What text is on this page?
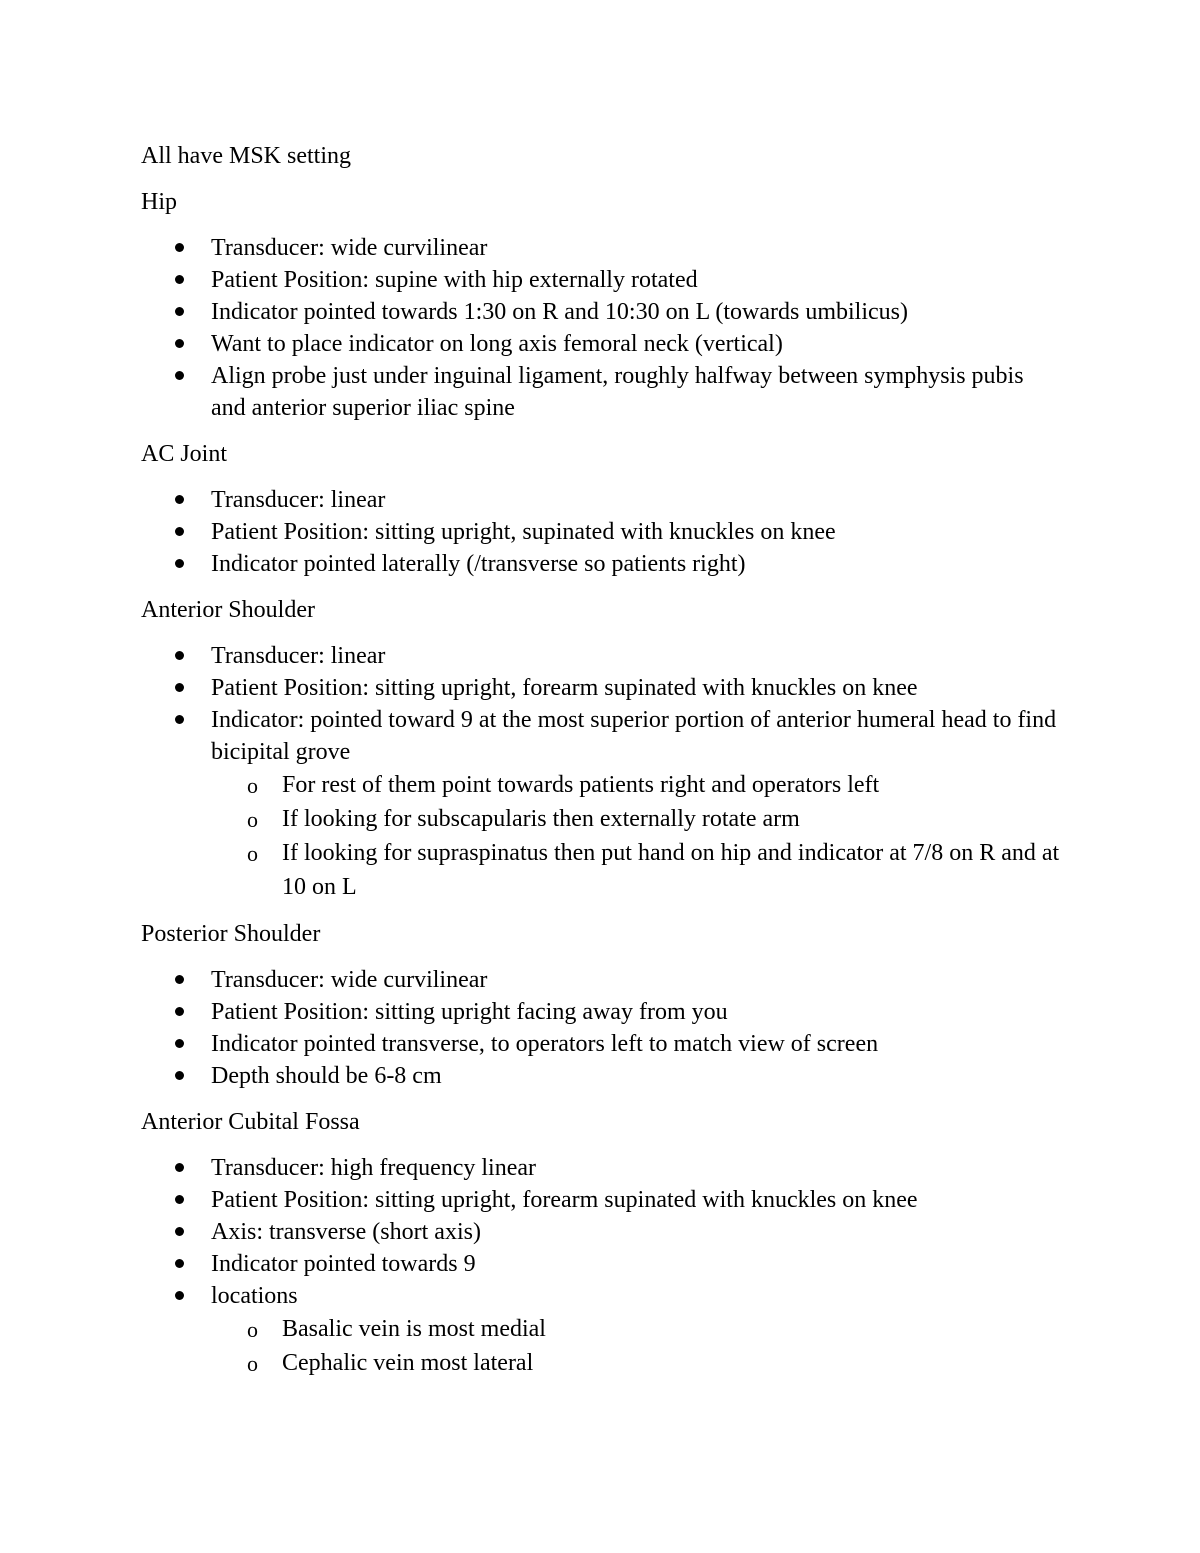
All have MSK setting

Hip

Transducer: wide curvilinear
Patient Position: supine with hip externally rotated
Indicator pointed towards 1:30 on R and 10:30 on L (towards umbilicus)
Want to place indicator on long axis femoral neck (vertical)
Align probe just under inguinal ligament, roughly halfway between symphysis pubis and anterior superior iliac spine

AC Joint

Transducer: linear
Patient Position: sitting upright, supinated with knuckles on knee
Indicator pointed laterally (/transverse so patients right)

Anterior Shoulder

Transducer: linear
Patient Position: sitting upright, forearm supinated with knuckles on knee
Indicator: pointed toward 9 at the most superior portion of anterior humeral head to find bicipital grove
o For rest of them point towards patients right and operators left
o If looking for subscapularis then externally rotate arm
o If looking for supraspinatus then put hand on hip and indicator at 7/8 on R and at 10 on L

Posterior Shoulder

Transducer: wide curvilinear
Patient Position: sitting upright facing away from you
Indicator pointed transverse, to operators left to match view of screen
Depth should be 6-8 cm

Anterior Cubital Fossa

Transducer: high frequency linear
Patient Position: sitting upright, forearm supinated with knuckles on knee
Axis: transverse (short axis)
Indicator pointed towards 9
locations
o Basalic vein is most medial
o Cephalic vein most lateral
